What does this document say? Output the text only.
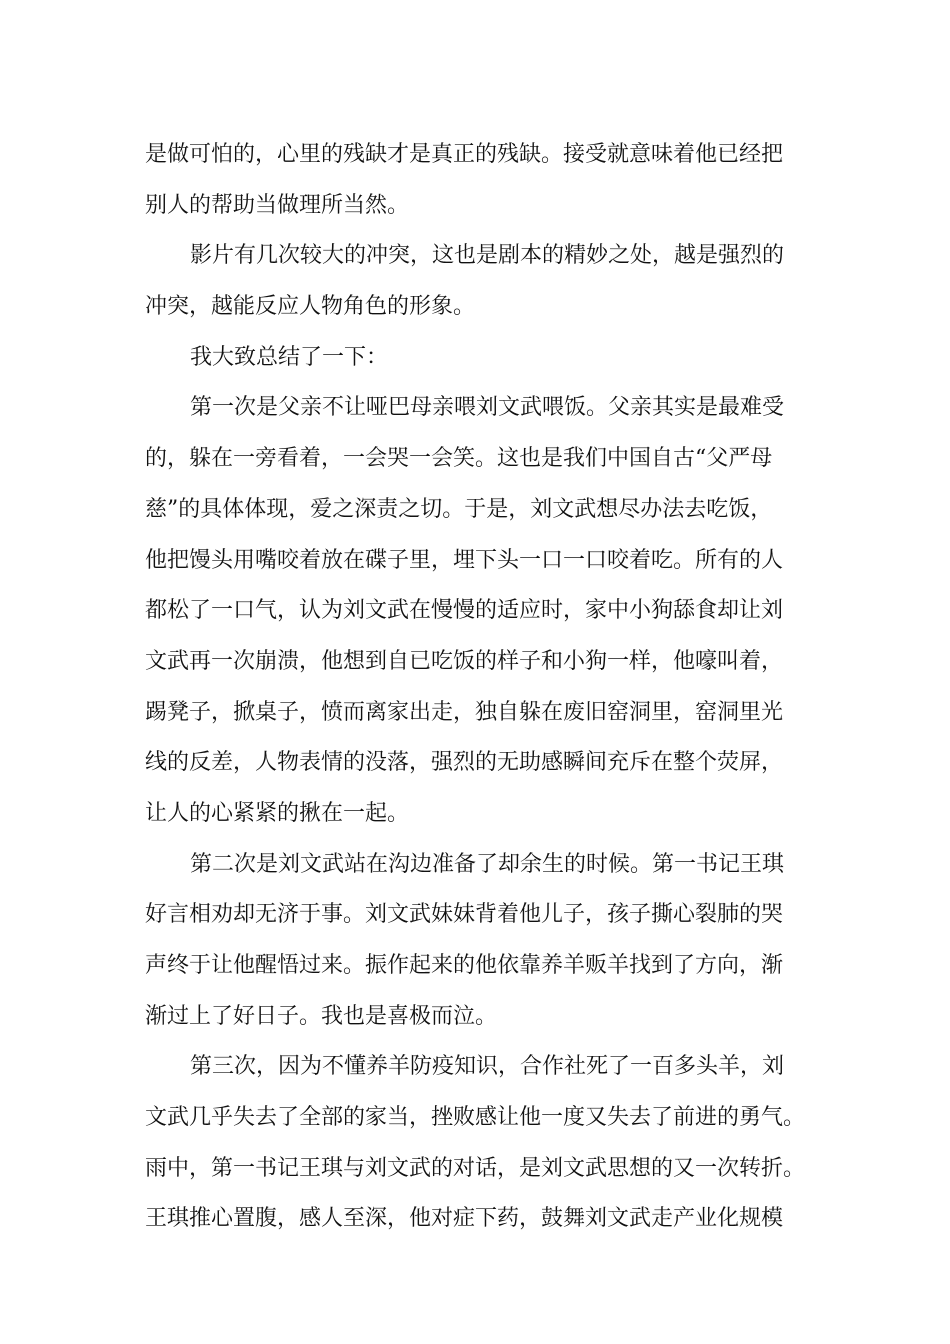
是做可怕的，心里的残缺才是真正的残缺。接受就意味着他已经把
别人的帮助当做理所当然。
影片有几次较大的冲突，这也是剧本的精妙之处，越是强烈的
冲突，越能反应人物角色的形象。
我大致总结了一下：
第一次是父亲不让哑巴母亲喂刘文武喂饭。父亲其实是最难受
的，躲在一旁看着，一会哭一会笑。这也是我们中国自古“父严母
慈”的具体体现，爱之深责之切。于是，刘文武想尽办法去吃饭，
他把馒头用嘴咬着放在碟子里，埋下头一口一口咬着吃。所有的人
都松了一口气，认为刘文武在慢慢的适应时，家中小狗舔食却让刘
文武再一次崩溃，他想到自已吃饭的样子和小狗一样，他嚎叫着，
踢凳子，掀桌子，愤而离家出走，独自躲在废旧窑洞里，窑洞里光
线的反差，人物表情的没落，强烈的无助感瞬间充斥在整个荧屏，
让人的心紧紧的揪在一起。
第二次是刘文武站在沟边准备了却余生的时候。第一书记王琪
好言相劝却无济于事。刘文武妹妹背着他儿子，孩子撕心裂肺的哭
声终于让他醒悟过来。振作起来的他依靠养羊贩羊找到了方向，渐
渐过上了好日子。我也是喜极而泣。
第三次，因为不懂养羊防疫知识，合作社死了一百多头羊，刘
文武几乎失去了全部的家当，挫败感让他一度又失去了前进的勇气。
雨中，第一书记王琪与刘文武的对话，是刘文武思想的又一次转折。
王琪推心置腹，感人至深，他对症下药，鼓舞刘文武走产业化规模
